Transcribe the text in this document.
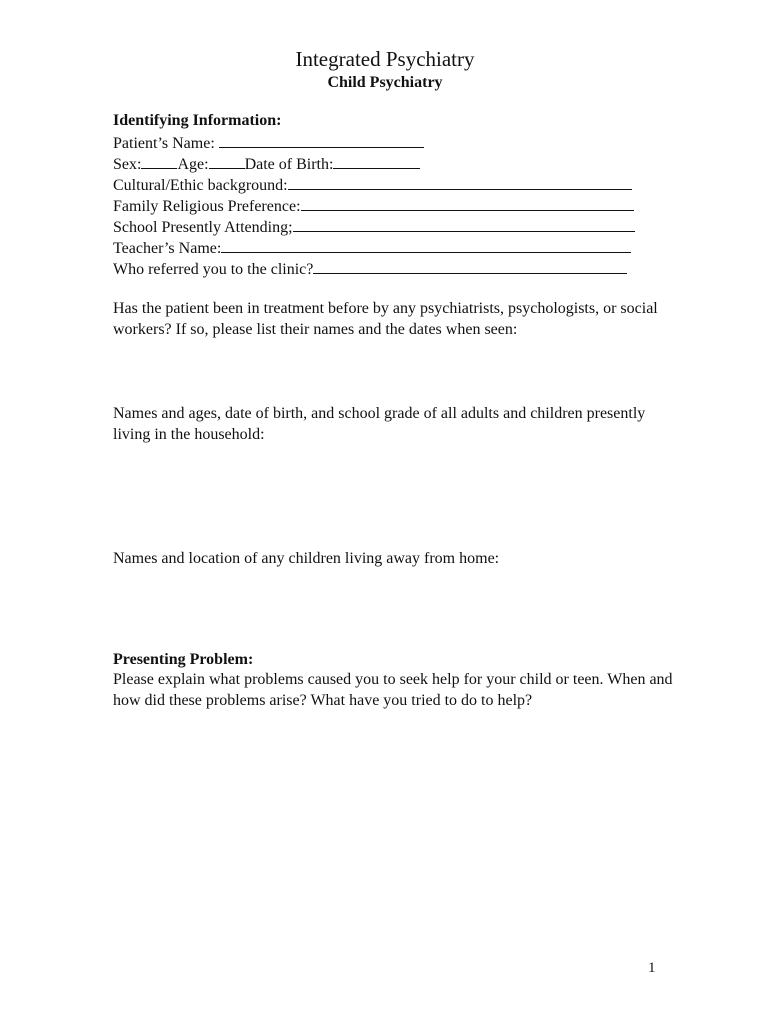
Integrated Psychiatry
Child Psychiatry
Identifying Information:
Patient’s Name:
Sex: Age: Date of Birth:
Cultural/Ethic background:
Family Religious Preference:
School Presently Attending;
Teacher’s Name:
Who referred you to the clinic?
Has the patient been in treatment before by any psychiatrists, psychologists, or social workers? If so, please list their names and the dates when seen:
Names and ages, date of birth, and school grade of all adults and children presently living in the household:
Names and location of any children living away from home:
Presenting Problem:
Please explain what problems caused you to seek help for your child or teen. When and how did these problems arise? What have you tried to do to help?
1
